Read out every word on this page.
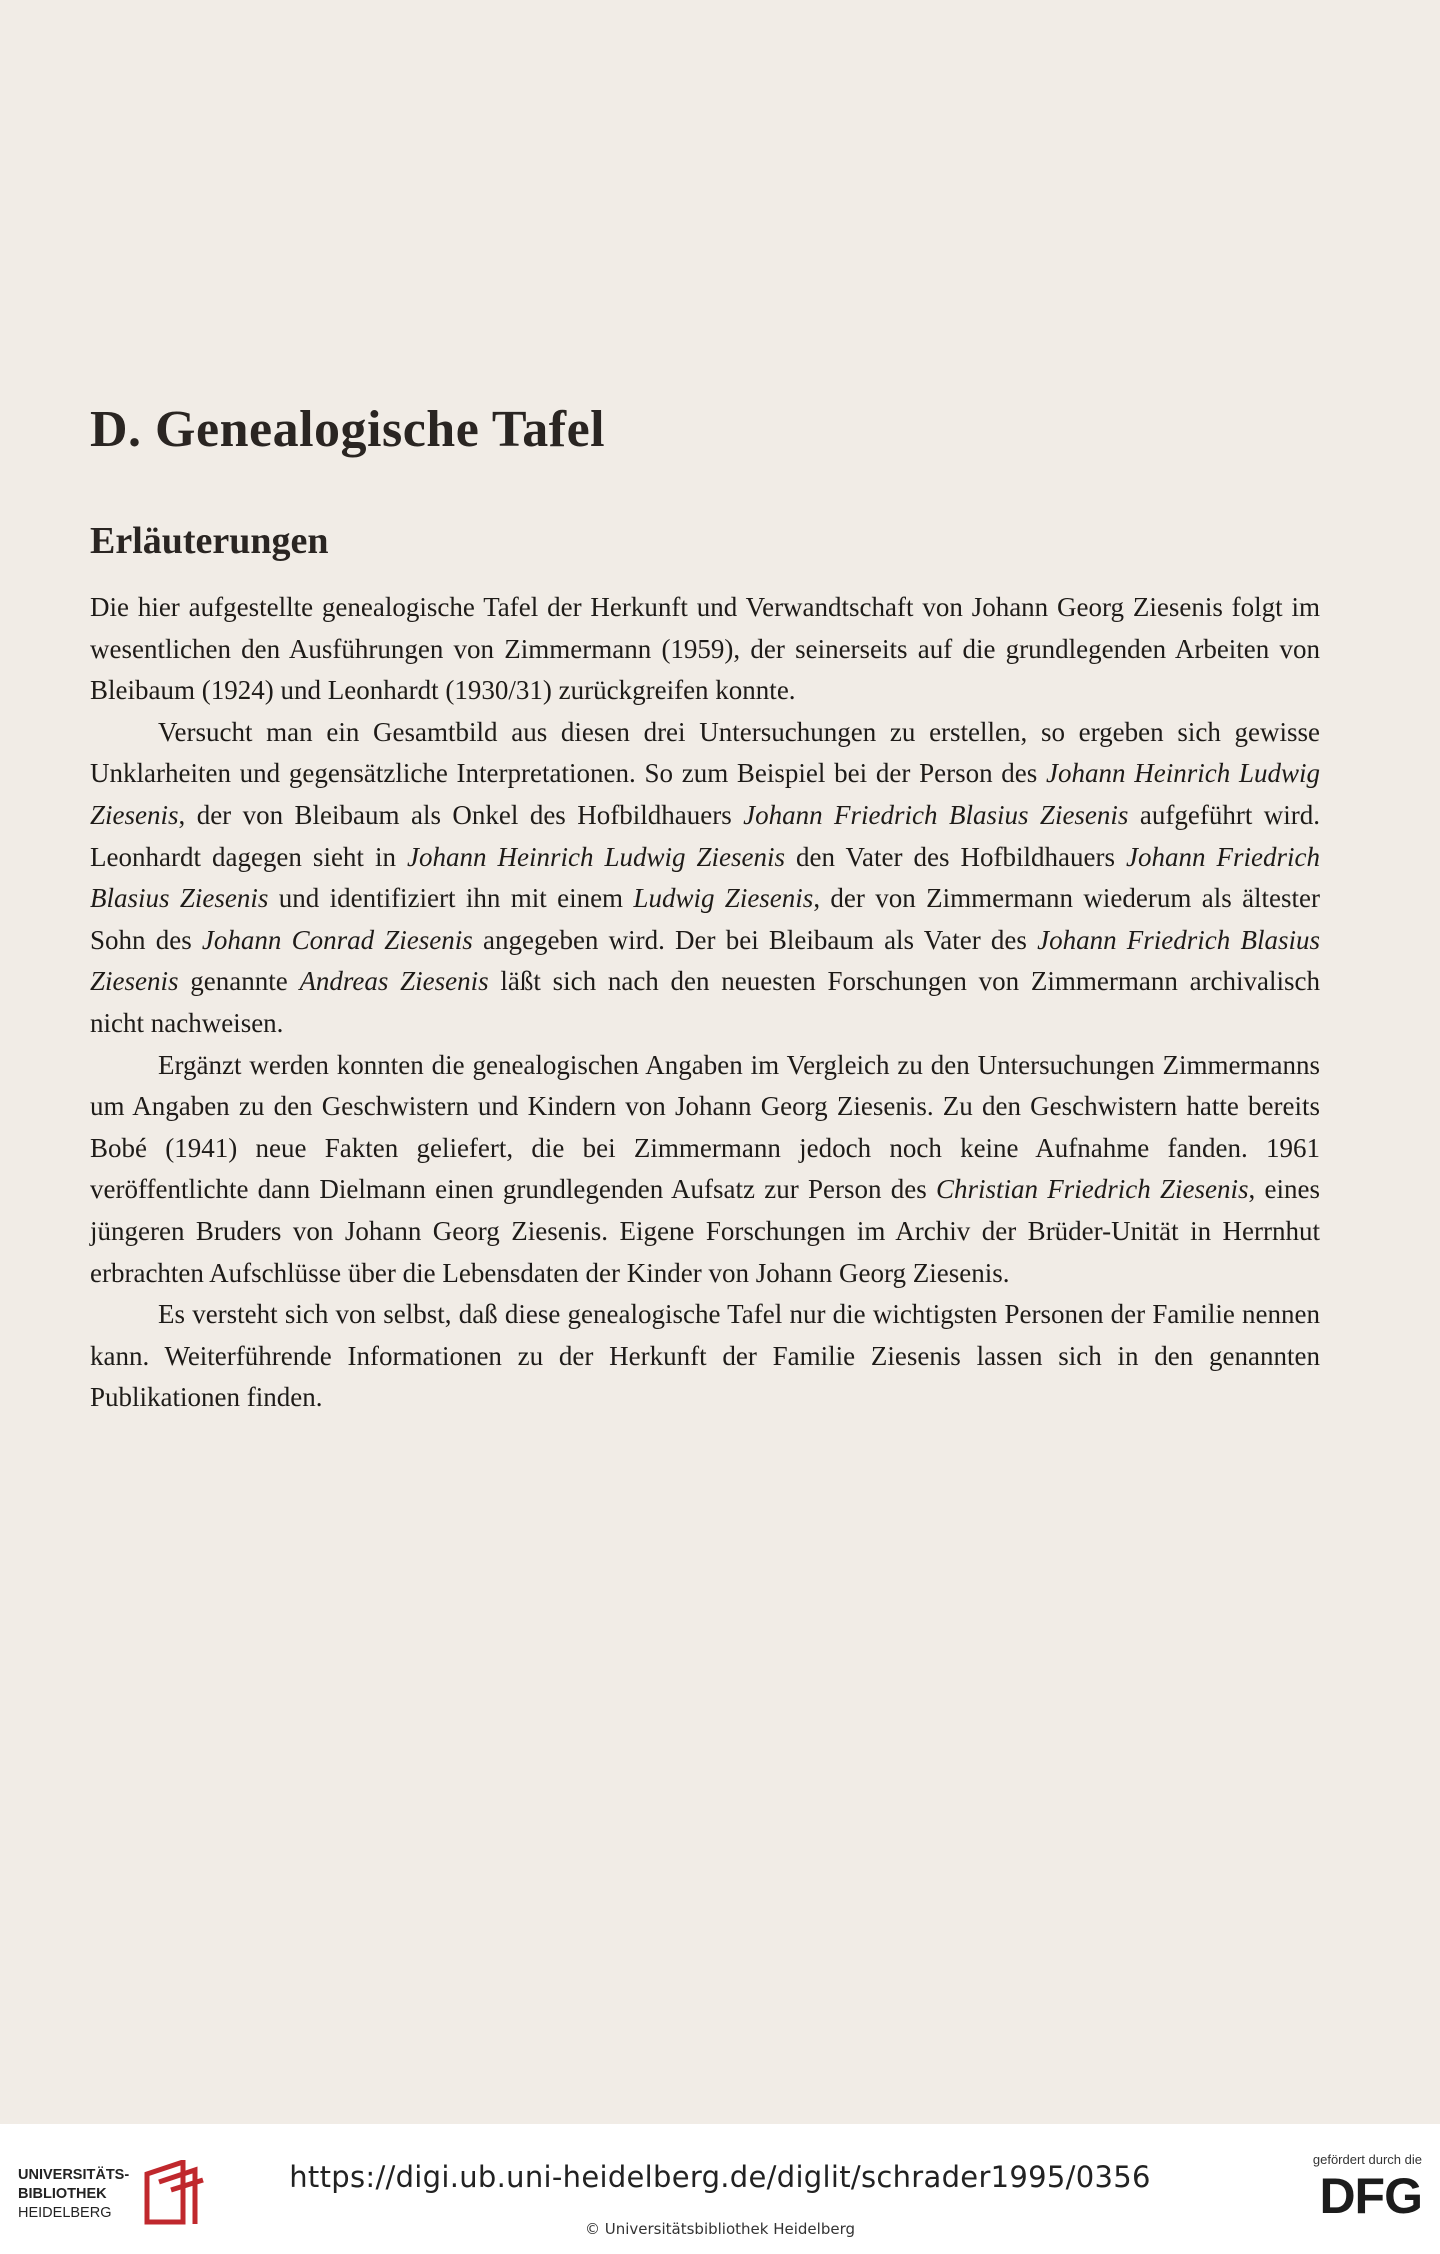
D. Genealogische Tafel
Erläuterungen

Die hier aufgestellte genealogische Tafel der Herkunft und Verwandtschaft von Johann Georg Ziesenis folgt im wesentlichen den Ausführungen von Zimmermann (1959), der seinerseits auf die grundlegenden Arbeiten von Bleibaum (1924) und Leonhardt (1930/31) zurückgreifen konnte.

Versucht man ein Gesamtbild aus diesen drei Untersuchungen zu erstellen, so ergeben sich gewisse Unklarheiten und gegensätzliche Interpretationen. So zum Beispiel bei der Person des Johann Heinrich Ludwig Ziesenis, der von Bleibaum als Onkel des Hofbildhauers Johann Friedrich Blasius Ziesenis aufgeführt wird. Leonhardt dagegen sieht in Johann Heinrich Ludwig Ziesenis den Vater des Hofbildhauers Johann Friedrich Blasius Ziesenis und identifiziert ihn mit einem Ludwig Ziesenis, der von Zimmermann wiederum als ältester Sohn des Johann Conrad Ziesenis angegeben wird. Der bei Bleibaum als Vater des Johann Friedrich Blasius Ziesenis genannte Andreas Ziesenis läßt sich nach den neuesten Forschungen von Zimmermann archivalisch nicht nachweisen.

Ergänzt werden konnten die genealogischen Angaben im Vergleich zu den Untersuchungen Zimmermanns um Angaben zu den Geschwistern und Kindern von Johann Georg Ziesenis. Zu den Geschwistern hatte bereits Bobé (1941) neue Fakten geliefert, die bei Zimmermann jedoch noch keine Aufnahme fanden. 1961 veröffentlichte dann Dielmann einen grundlegenden Aufsatz zur Person des Christian Friedrich Ziesenis, eines jüngeren Bruders von Johann Georg Ziesenis. Eigene Forschungen im Archiv der Brüder-Unität in Herrnhut erbrachten Aufschlüsse über die Lebensdaten der Kinder von Johann Georg Ziesenis.

Es versteht sich von selbst, daß diese genealogische Tafel nur die wichtigsten Personen der Familie nennen kann. Weiterführende Informationen zu der Herkunft der Familie Ziesenis lassen sich in den genannten Publikationen finden.

UNIVERSITÄTS-
BIBLIOTHEK
HEIDELBERG
https://digi.ub.uni-heidelberg.de/diglit/schrader1995/0356
© Universitätsbibliothek Heidelberg
gefördert durch die
DFG
